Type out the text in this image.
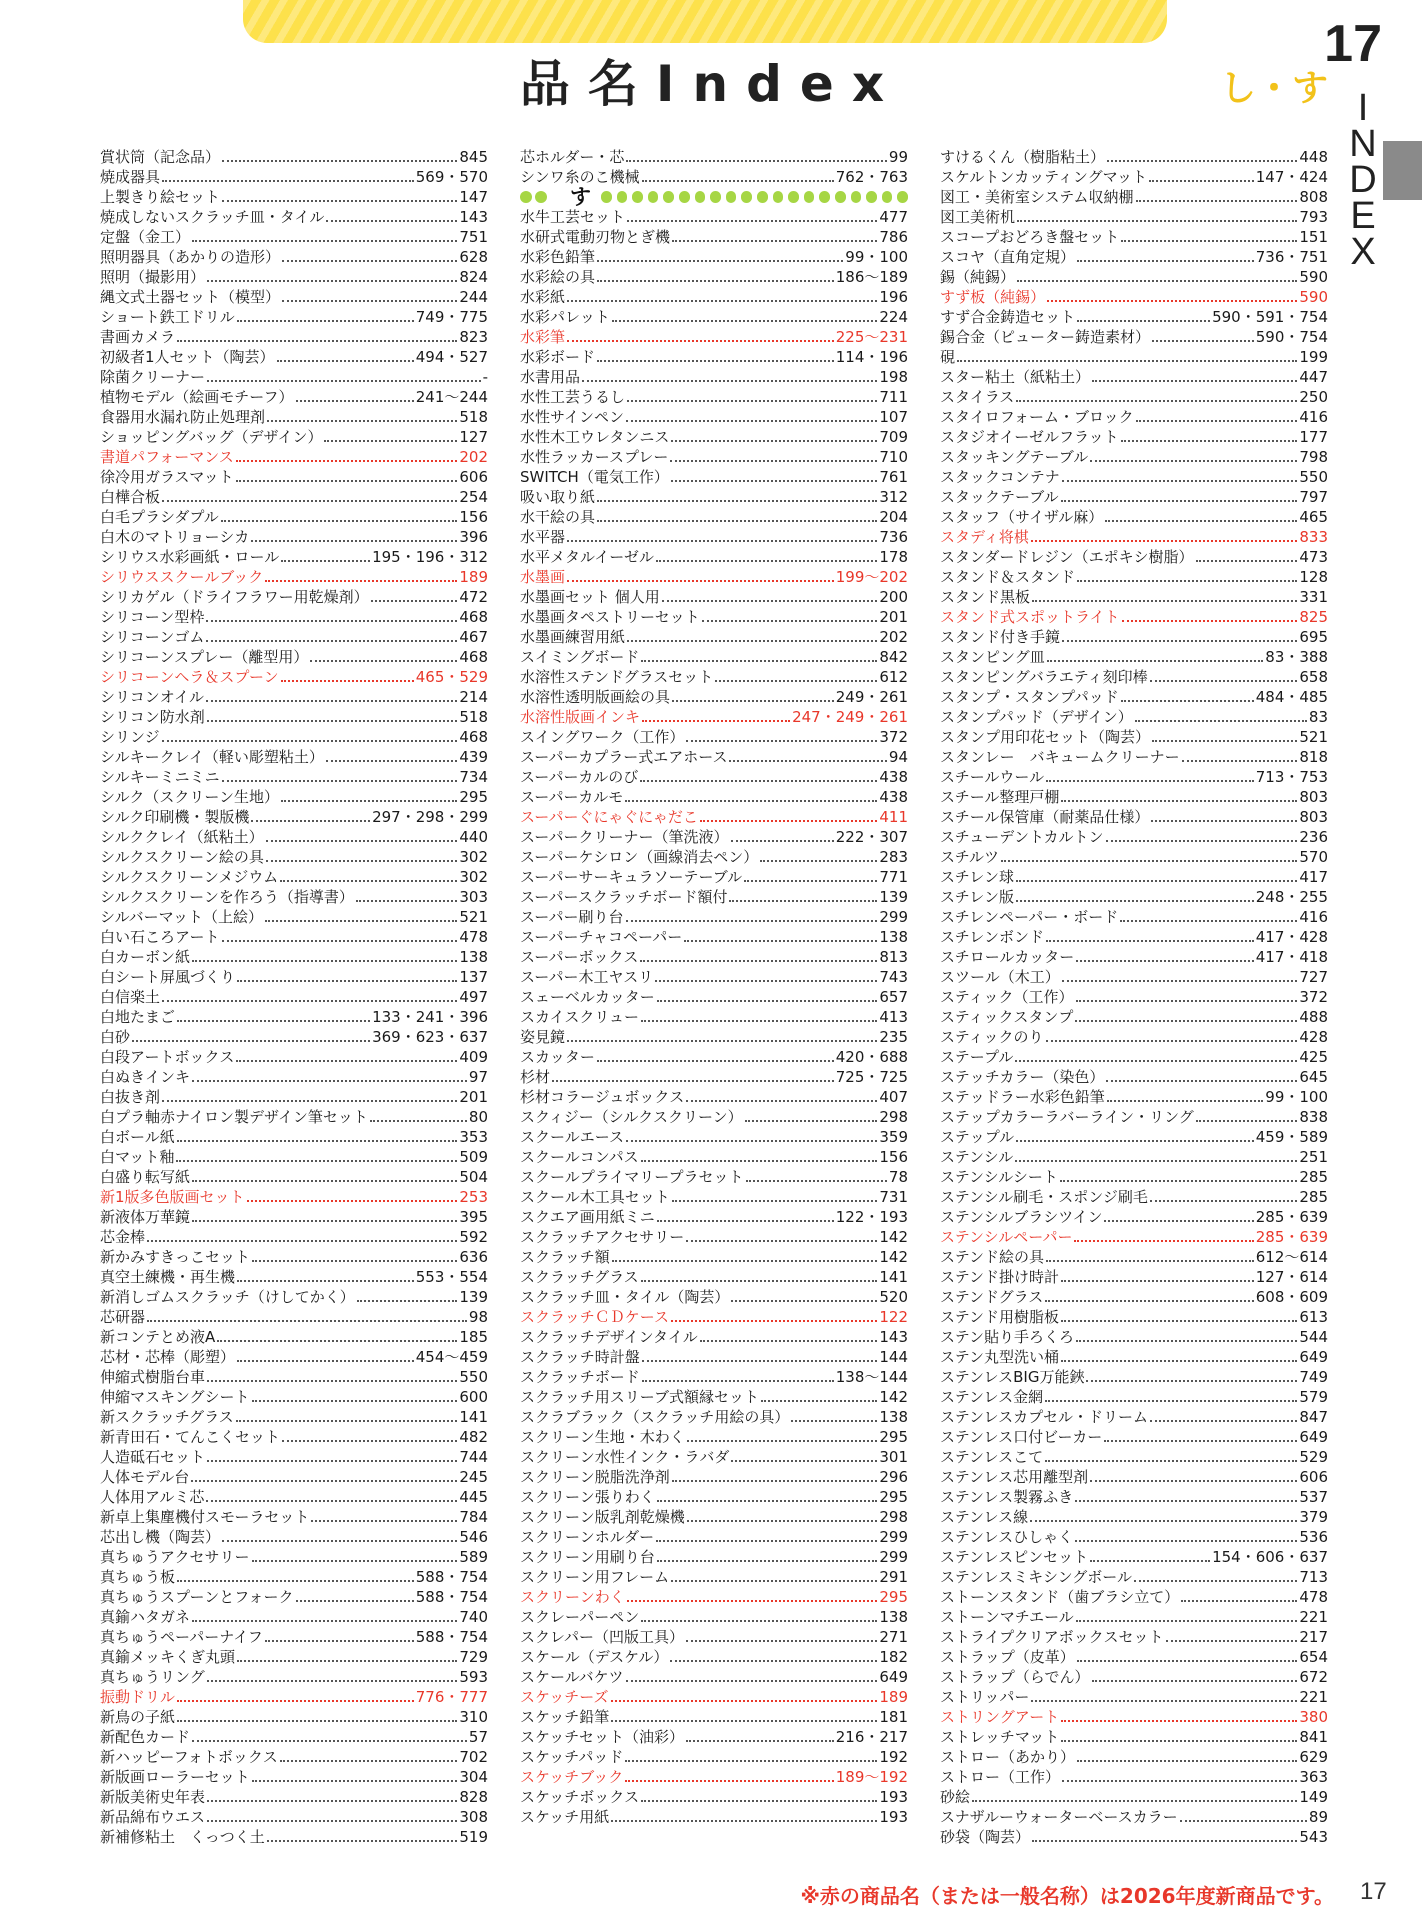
品名Index
17
し・す I
N
D
E
X
賞状筒（記念品）	845
焼成器具	569・570
上製きり絵セット	147
焼成しないスクラッチ皿・タイル	143
定盤（金工）	751
照明器具（あかりの造形）	628
照明（撮影用）	824
縄文式土器セット（模型）	244
ショート鉄工ドリル	749・775
書画カメラ	823
初級者1人セット（陶芸）	494・527
除菌クリーナー	-
植物モデル（絵画モチーフ）	241～244
食器用水漏れ防止処理剤	518
ショッピングバッグ（デザイン）	127
書道パフォーマンス	202
徐冷用ガラスマット	606
白樺合板	254
白毛プラシダプル	156
白木のマトリョーシカ	396
シリウス水彩画紙・ロール	195・196・312
シリウススクールブック	189
シリカゲル（ドライフラワー用乾燥剤）	472
シリコーン型枠	468
シリコーンゴム	467
シリコーンスプレー（離型用）	468
シリコーンヘラ＆スプーン	465・529
シリコンオイル	214
シリコン防水剤	518
シリンジ	468
シルキークレイ（軽い彫塑粘土）	439
シルキーミニミニ	734
シルク（スクリーン生地）	295
シルク印刷機・製版機	297・298・299
シルククレイ（紙粘土）	440
シルクスクリーン絵の具	302
シルクスクリーンメジウム	302
シルクスクリーンを作ろう（指導書）	303
シルバーマット（上絵）	521
白い石ころアート	478
白カーボン紙	138
白シート屏風づくり	137
白信楽土	497
白地たまご	133・241・396
白砂	369・623・637
白段アートボックス	409
白ぬきインキ	97
白抜き剤	201
白プラ軸赤ナイロン製デザイン筆セット	80
白ボール紙	353
白マット釉	509
白盛り転写紙	504
新1版多色版画セット	253
新液体万華鏡	395
芯金棒	592
新かみすきっこセット	636
真空土練機・再生機	553・554
新消しゴムスクラッチ（けしてかく）	139
芯研器	98
新コンテとめ液A	185
芯材・芯棒（彫塑）	454～459
伸縮式樹脂台車	550
伸縮マスキングシート	600
新スクラッチグラス	141
新青田石・てんこくセット	482
人造砥石セット	744
人体モデル台	245
人体用アルミ芯	445
新卓上集塵機付スモーラセット	784
芯出し機（陶芸）	546
真ちゅうアクセサリー	589
真ちゅう板	588・754
真ちゅうスプーンとフォーク	588・754
真鍮ハタガネ	740
真ちゅうペーパーナイフ	588・754
真鍮メッキくぎ丸頭	729
真ちゅうリング	593
振動ドリル	776・777
新鳥の子紙	310
新配色カード	57
新ハッピーフォトボックス	702
新版画ローラーセット	304
新版美術史年表	828
新品綿布ウエス	308
新補修粘土　くっつく土	519
芯ホルダー・芯	99
シンワ糸のこ機械	762・763
す
水牛工芸セット	477
水研式電動刃物とぎ機	786
水彩色鉛筆	99・100
水彩絵の具	186～189
水彩紙	196
水彩パレット	224
水彩筆	225～231
水彩ボード	114・196
水書用品	198
水性工芸うるし	711
水性サインペン	107
水性木工ウレタンニス	709
水性ラッカースプレー	710
SWITCH（電気工作）	761
吸い取り紙	312
水干絵の具	204
水平器	736
水平メタルイーゼル	178
水墨画	199～202
水墨画セット 個人用	200
水墨画タペストリーセット	201
水墨画練習用紙	202
スイミングボード	842
水溶性ステンドグラスセット	612
水溶性透明版画絵の具	249・261
水溶性版画インキ	247・249・261
スイングワーク（工作）	372
スーパーカプラー式エアホース	94
スーパーカルのび	438
スーパーカルモ	438
スーパーぐにゃぐにゃだこ	411
スーパークリーナー（筆洗液）	222・307
スーパーケシロン（画線消去ペン）	283
スーパーサーキュラソーテーブル	771
スーパースクラッチボード額付	139
スーパー刷り台	299
スーパーチャコペーパー	138
スーパーボックス	813
スーパー木工ヤスリ	743
スェーベルカッター	657
スカイスクリュー	413
姿見鏡	235
スカッター	420・688
杉材	725・725
杉材コラージュボックス	407
スクィジー（シルクスクリーン）	298
スクールエース	359
スクールコンパス	156
スクールプライマリープラセット	78
スクール木工具セット	731
スクエア画用紙ミニ	122・193
スクラッチアクセサリー	142
スクラッチ額	142
スクラッチグラス	141
スクラッチ皿・タイル（陶芸）	520
スクラッチＣＤケース	122
スクラッチデザインタイル	143
スクラッチ時計盤	144
スクラッチボード	138～144
スクラッチ用スリーブ式額縁セット	142
スクラブラック（スクラッチ用絵の具）	138
スクリーン生地・木わく	295
スクリーン水性インク・ラバダ	301
スクリーン脱脂洗浄剤	296
スクリーン張りわく	295
スクリーン版乳剤乾燥機	298
スクリーンホルダー	299
スクリーン用刷り台	299
スクリーン用フレーム	291
スクリーンわく	295
スクレーパーペン	138
スクレパー（凹版工具）	271
スケール（デスケル）	182
スケールバケツ	649
スケッチーズ	189
スケッチ鉛筆	181
スケッチセット（油彩）	216・217
スケッチパッド	192
スケッチブック	189～192
スケッチボックス	193
スケッチ用紙	193
すけるくん（樹脂粘土）	448
スケルトンカッティングマット	147・424
図工・美術室システム収納棚	808
図工美術机	793
スコープおどろき盤セット	151
スコヤ（直角定規）	736・751
錫（純錫）	590
すず板（純錫）	590
すず合金鋳造セット	590・591・754
錫合金（ピューター鋳造素材）	590・754
硯	199
スター粘土（紙粘土）	447
スタイラス	250
スタイロフォーム・ブロック	416
スタジオイーゼルフラット	177
スタッキングテーブル	798
スタックコンテナ	550
スタックテーブル	797
スタッフ（サイザル麻）	465
スタディ将棋	833
スタンダードレジン（エポキシ樹脂）	473
スタンド＆スタンド	128
スタンド黒板	331
スタンド式スポットライト	825
スタンド付き手鏡	695
スタンピング皿	83・388
スタンピングバラエティ刻印棒	658
スタンプ・スタンプパッド	484・485
スタンプパッド（デザイン）	83
スタンプ用印花セット（陶芸）	521
スタンレー　バキュームクリーナー	818
スチールウール	713・753
スチール整理戸棚	803
スチール保管庫（耐薬品仕様）	803
スチューデントカルトン	236
スチルツ	570
スチレン球	417
スチレン版	248・255
スチレンペーパー・ボード	416
スチレンボンド	417・428
スチロールカッター	417・418
スツール（木工）	727
スティック（工作）	372
スティックスタンプ	488
スティックのり	428
ステープル	425
ステッチカラー（染色）	645
ステッドラー水彩色鉛筆	99・100
ステップカラーラバーライン・リング	838
ステップル	459・589
ステンシル	251
ステンシルシート	285
ステンシル刷毛・スポンジ刷毛	285
ステンシルブラシツイン	285・639
ステンシルペーパー	285・639
ステンド絵の具	612～614
ステンド掛け時計	127・614
ステンドグラス	608・609
ステンド用樹脂板	613
ステン貼り手ろくろ	544
ステン丸型洗い桶	649
ステンレスBIG万能鋏	749
ステンレス金網	579
ステンレスカプセル・ドリーム	847
ステンレス口付ビーカー	649
ステンレスこて	529
ステンレス芯用離型剤	606
ステンレス製霧ふき	537
ステンレス線	379
ステンレスひしゃく	536
ステンレスピンセット	154・606・637
ステンレスミキシングボール	713
ストーンスタンド（歯ブラシ立て）	478
ストーンマチエール	221
ストライプクリアボックスセット	217
ストラップ（皮革）	654
ストラップ（らでん）	672
ストリッパー	221
ストリングアート	380
ストレッチマット	841
ストロー（あかり）	629
ストロー（工作）	363
砂絵	149
スナザルーウォーターベースカラー	89
砂袋（陶芸）	543
※赤の商品名（または一般名称）は2026年度新商品です。 17
